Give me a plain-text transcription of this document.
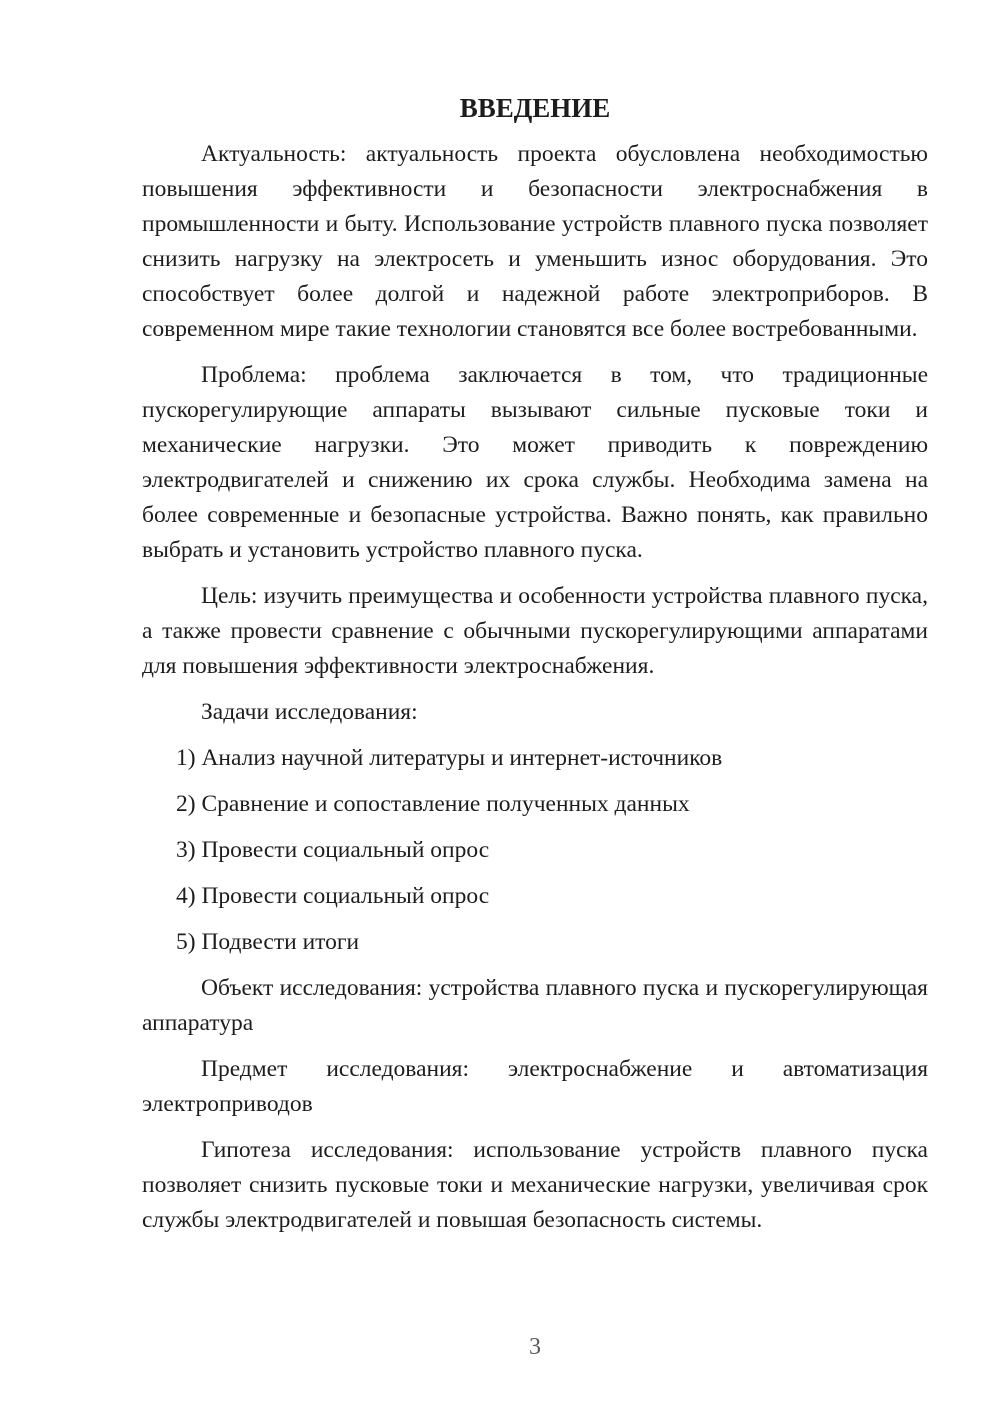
ВВЕДЕНИЕ

Актуальность: актуальность проекта обусловлена необходимостью повышения эффективности и безопасности электроснабжения в промышленности и быту. Использование устройств плавного пуска позволяет снизить нагрузку на электросеть и уменьшить износ оборудования. Это способствует более долгой и надежной работе электроприборов. В современном мире такие технологии становятся все более востребованными.

Проблема: проблема заключается в том, что традиционные пускорегулирующие аппараты вызывают сильные пусковые токи и механические нагрузки. Это может приводить к повреждению электродвигателей и снижению их срока службы. Необходима замена на более современные и безопасные устройства. Важно понять, как правильно выбрать и установить устройство плавного пуска.

Цель: изучить преимущества и особенности устройства плавного пуска, а также провести сравнение с обычными пускорегулирующими аппаратами для повышения эффективности электроснабжения.

Задачи исследования:

1) Анализ научной литературы и интернет-источников

2) Сравнение и сопоставление полученных данных

3) Провести социальный опрос

4) Провести социальный опрос

5) Подвести итоги

Объект исследования: устройства плавного пуска и пускорегулирующая аппаратура

Предмет исследования: электроснабжение и автоматизация электроприводов

Гипотеза исследования: использование устройств плавного пуска позволяет снизить пусковые токи и механические нагрузки, увеличивая срок службы электродвигателей и повышая безопасность системы.

3
